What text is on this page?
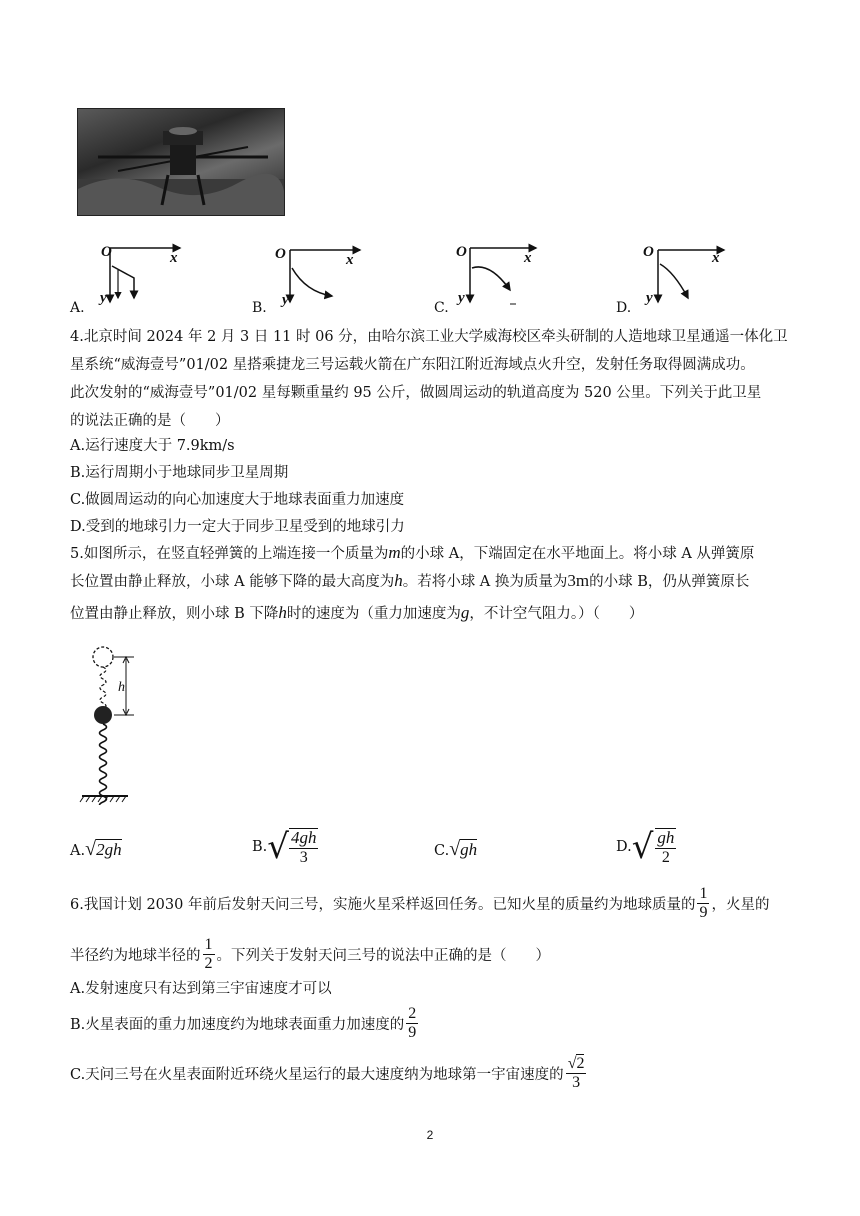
O	x
y
O	x
y
O	x
y
O	x
y
A.	B.	C.	D.
4.北京时间 2024 年 2 月 3 日 11 时 06 分，由哈尔滨工业大学威海校区牵头研制的人造地球卫星通遥一体化卫
星系统“威海壹号”01/02 星搭乘捷龙三号运载火箭在广东阳江附近海域点火升空，发射任务取得圆满成功。
此次发射的“威海壹号”01/02 星每颗重量约 95 公斤，做圆周运动的轨道高度为 520 公里。下列关于此卫星
的说法正确的是（　　）
A.运行速度大于 7.9km/s
B.运行周期小于地球同步卫星周期
C.做圆周运动的向心加速度大于地球表面重力加速度
D.受到的地球引力一定大于同步卫星受到的地球引力
5.如图所示，在竖直轻弹簧的上端连接一个质量为m的小球 A，下端固定在水平地面上。将小球 A 从弹簧原
长位置由静止释放，小球 A 能够下降的最大高度为h。若将小球 A 换为质量为3m的小球 B，仍从弹簧原长
位置由静止释放，则小球 B 下降h时的速度为（重力加速度为g，不计空气阻力。）（　　）
h
A.√2gh	B. √ $\frac{4gh}{3}$	C.√gh	D. √ $\frac{gh}{2}$
6.我国计划 2030 年前后发射天问三号，实施火星采样返回任务。已知火星的质量约为地球质量的 $\frac{1}{9}$ ，火星的
半径约为地球半径的 $\frac{1}{2}$ 。下列关于发射天问三号的说法中正确的是（　　）
A.发射速度只有达到第三宇宙速度才可以
B.火星表面的重力加速度约为地球表面重力加速度的 $\frac{2}{9}$
C.天问三号在火星表面附近环绕火星运行的最大速度纳为地球第一宇宙速度的 $\frac{√2}{3}$
2
